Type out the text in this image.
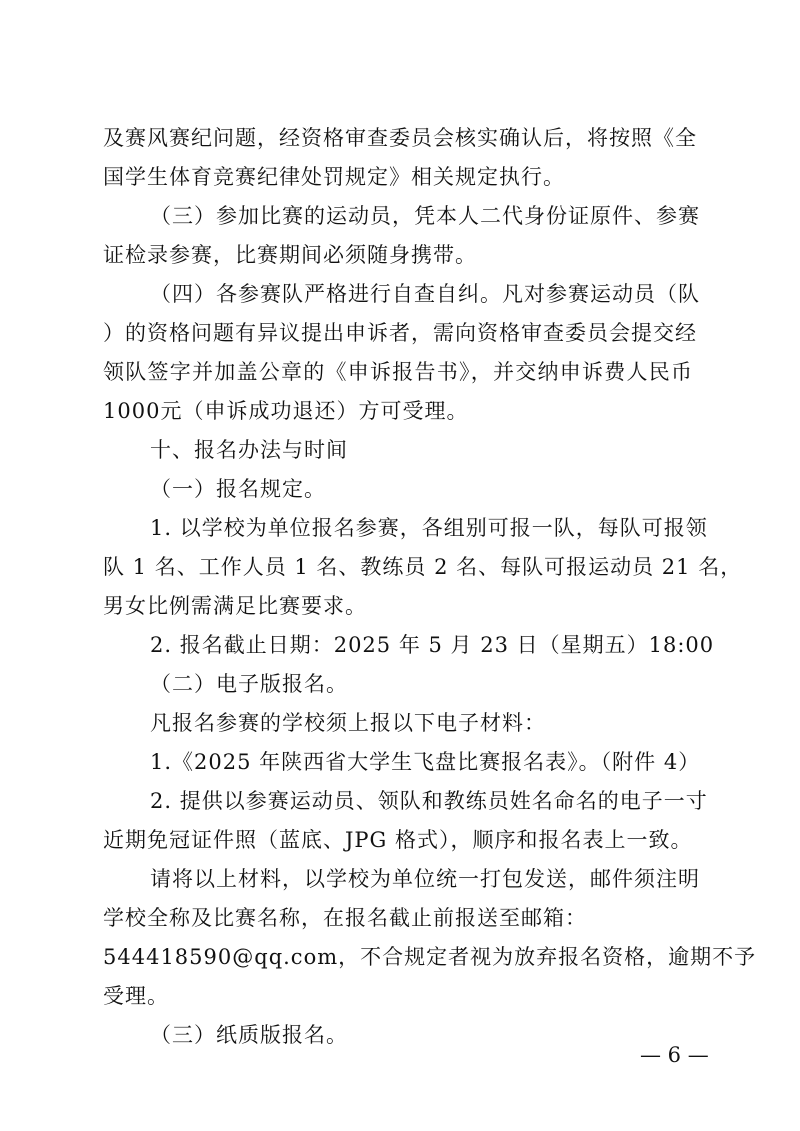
及赛风赛纪问题，经资格审查委员会核实确认后，将按照《全
国学生体育竞赛纪律处罚规定》相关规定执行。
（三）参加比赛的运动员，凭本人二代身份证原件、参赛
证检录参赛，比赛期间必须随身携带。
（四）各参赛队严格进行自查自纠。凡对参赛运动员（队
）的资格问题有异议提出申诉者，需向资格审查委员会提交经
领队签字并加盖公章的《申诉报告书》，并交纳申诉费人民币
1000元（申诉成功退还）方可受理。
十、报名办法与时间
（一）报名规定。
1. 以学校为单位报名参赛，各组别可报一队，每队可报领
队 1 名、工作人员 1 名、教练员 2 名、每队可报运动员 21 名，
男女比例需满足比赛要求。
2. 报名截止日期：2025 年 5 月 23 日（星期五）18:00
（二）电子版报名。
凡报名参赛的学校须上报以下电子材料：
1.《2025 年陕西省大学生飞盘比赛报名表》。（附件 4）
2. 提供以参赛运动员、领队和教练员姓名命名的电子一寸
近期免冠证件照（蓝底、JPG 格式），顺序和报名表上一致。
请将以上材料，以学校为单位统一打包发送，邮件须注明
学校全称及比赛名称，在报名截止前报送至邮箱：
544418590@qq.com，不合规定者视为放弃报名资格，逾期不予
受理。
（三）纸质版报名。
— 6 —
